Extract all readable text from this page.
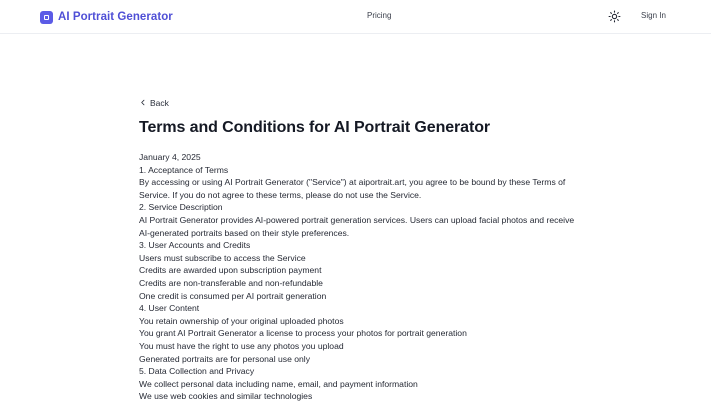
AI Portrait Generator	Pricing	Sign In
Back
Terms and Conditions for AI Portrait Generator

January 4, 2025

1. Acceptance of Terms

By accessing or using AI Portrait Generator ("Service") at aiportrait.art, you agree to be bound by these Terms of Service. If you do not agree to these terms, please do not use the Service.

2. Service Description

AI Portrait Generator provides AI-powered portrait generation services. Users can upload facial photos and receive AI-generated portraits based on their style preferences.

3. User Accounts and Credits

Users must subscribe to access the Service

Credits are awarded upon subscription payment

Credits are non-transferable and non-refundable

One credit is consumed per AI portrait generation

4. User Content

You retain ownership of your original uploaded photos

You grant AI Portrait Generator a license to process your photos for portrait generation

You must have the right to use any photos you upload

Generated portraits are for personal use only

5. Data Collection and Privacy

We collect personal data including name, email, and payment information

We use web cookies and similar technologies
